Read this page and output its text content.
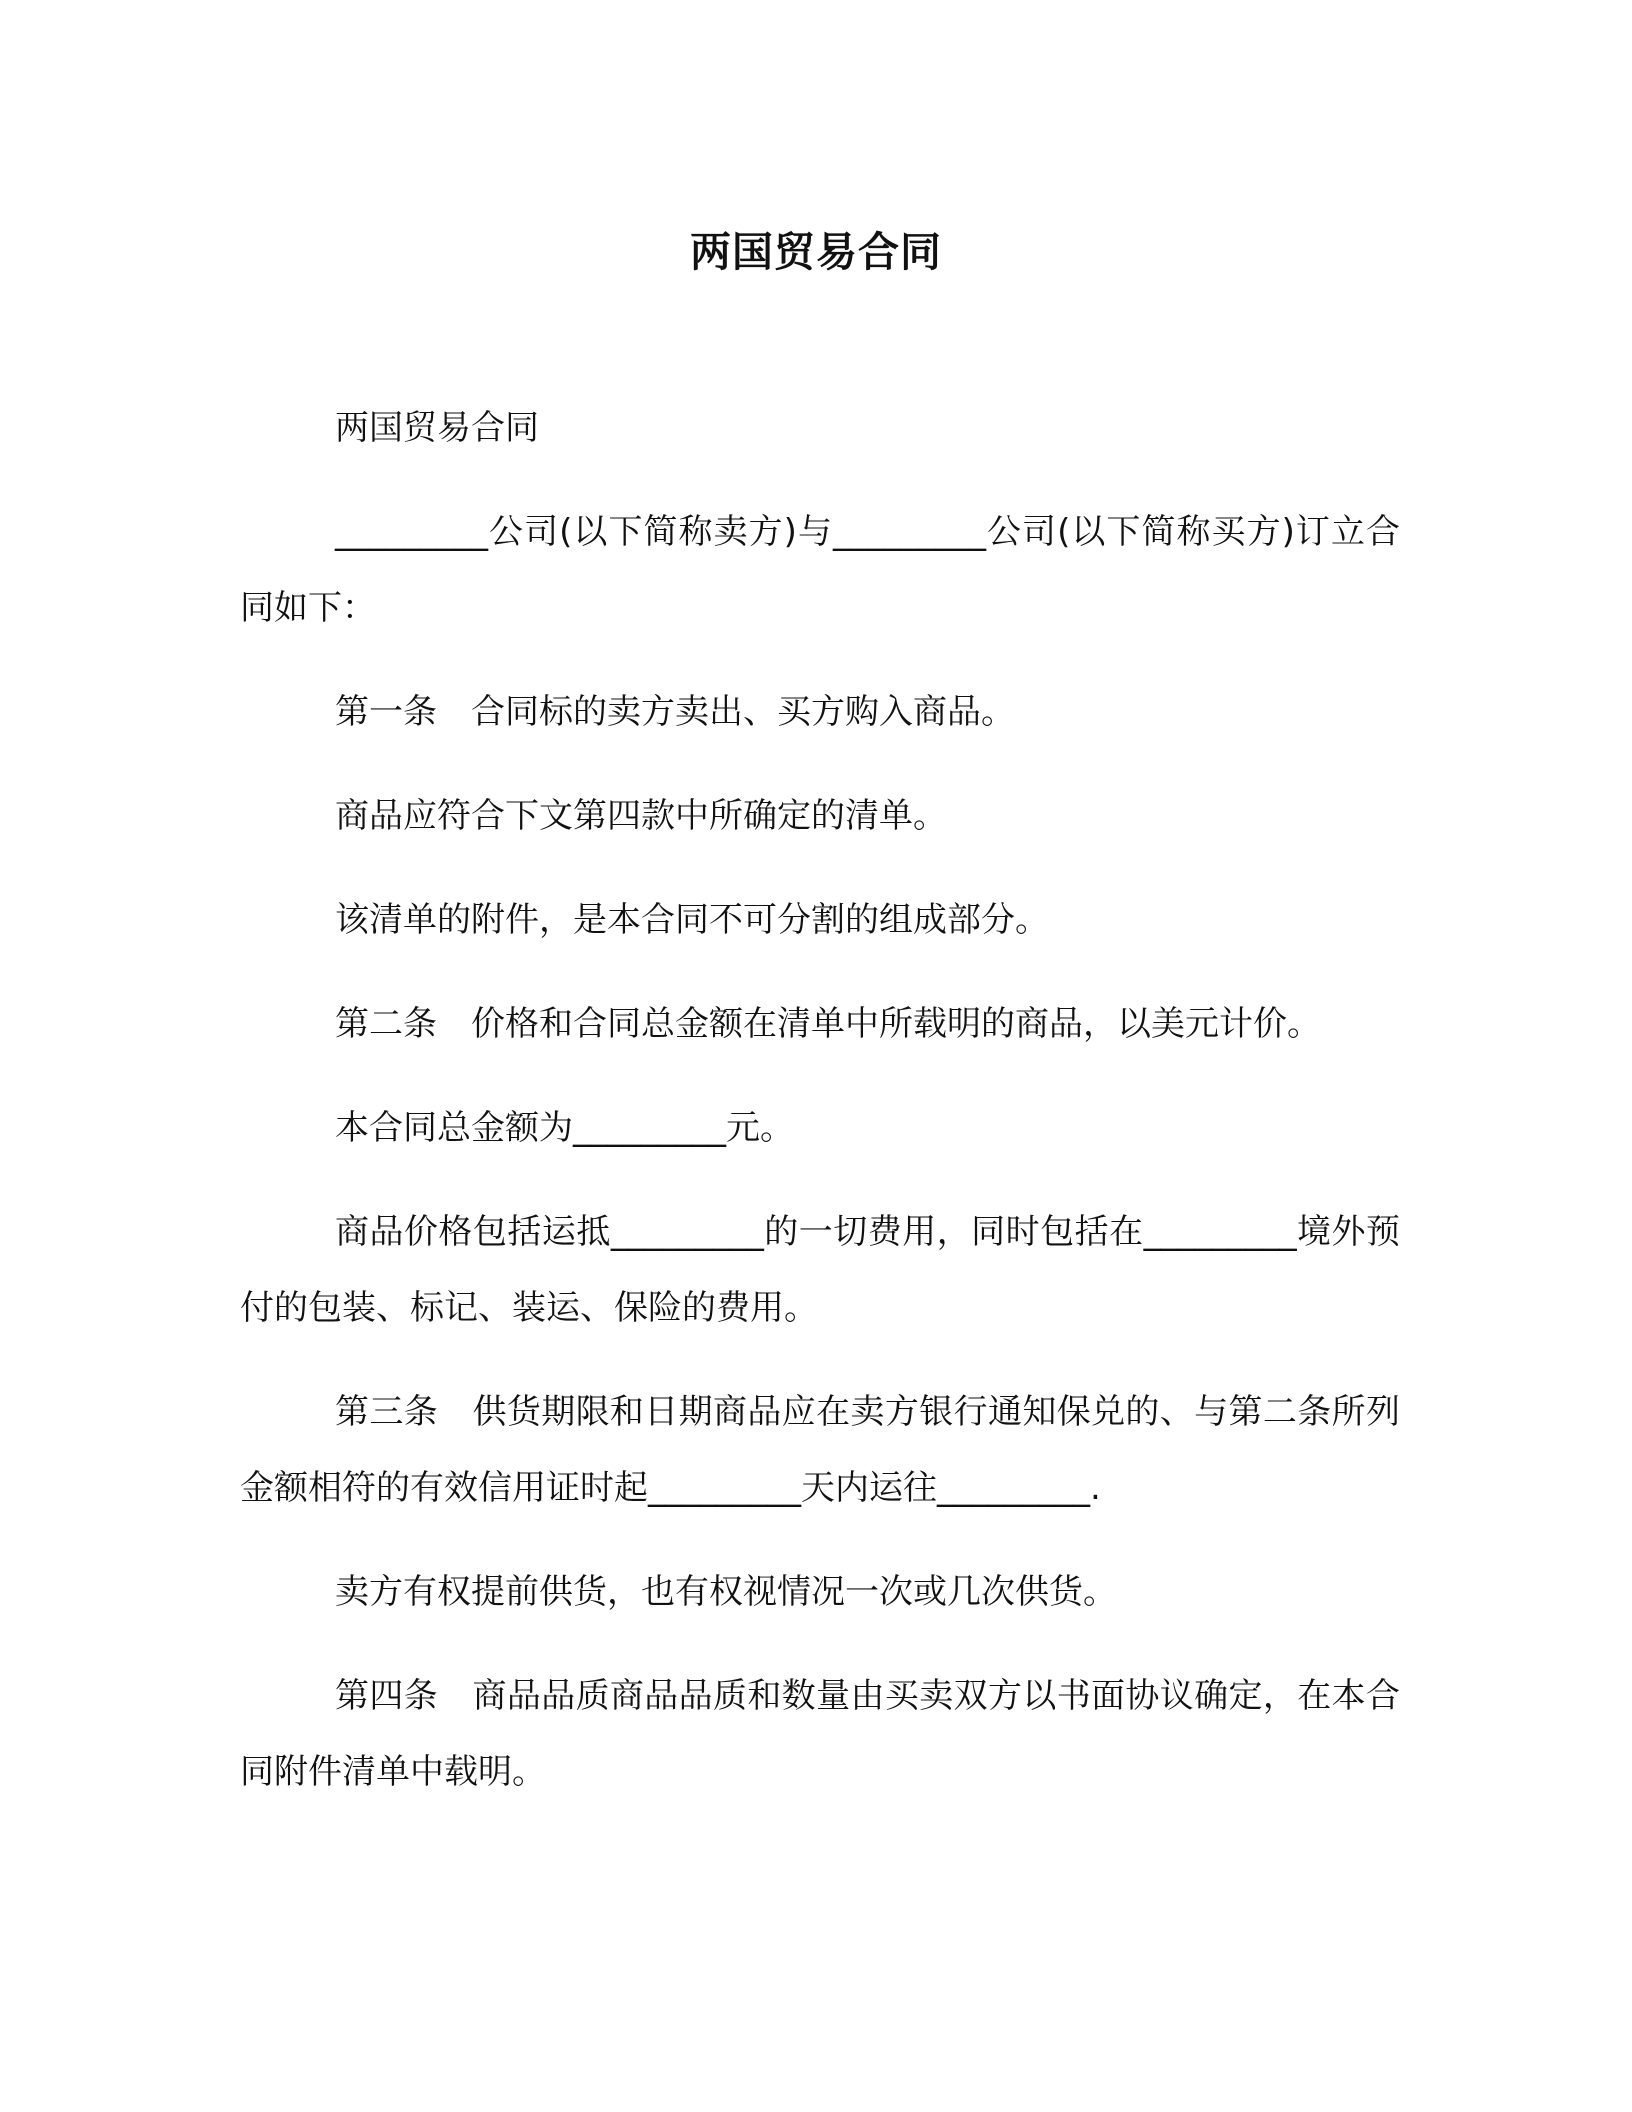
两国贸易合同

两国贸易合同

_________公司(以下简称卖方)与_________公司(以下简称买方)订立合同如下：

第一条　合同标的卖方卖出、买方购入商品。

商品应符合下文第四款中所确定的清单。

该清单的附件，是本合同不可分割的组成部分。

第二条　价格和合同总金额在清单中所载明的商品，以美元计价。

本合同总金额为_________元。

商品价格包括运抵_________的一切费用，同时包括在_________境外预付的包装、标记、装运、保险的费用。

第三条　供货期限和日期商品应在卖方银行通知保兑的、与第二条所列金额相符的有效信用证时起_________天内运往_________.

卖方有权提前供货，也有权视情况一次或几次供货。

第四条　商品品质商品品质和数量由买卖双方以书面协议确定，在本合同附件清单中载明。
